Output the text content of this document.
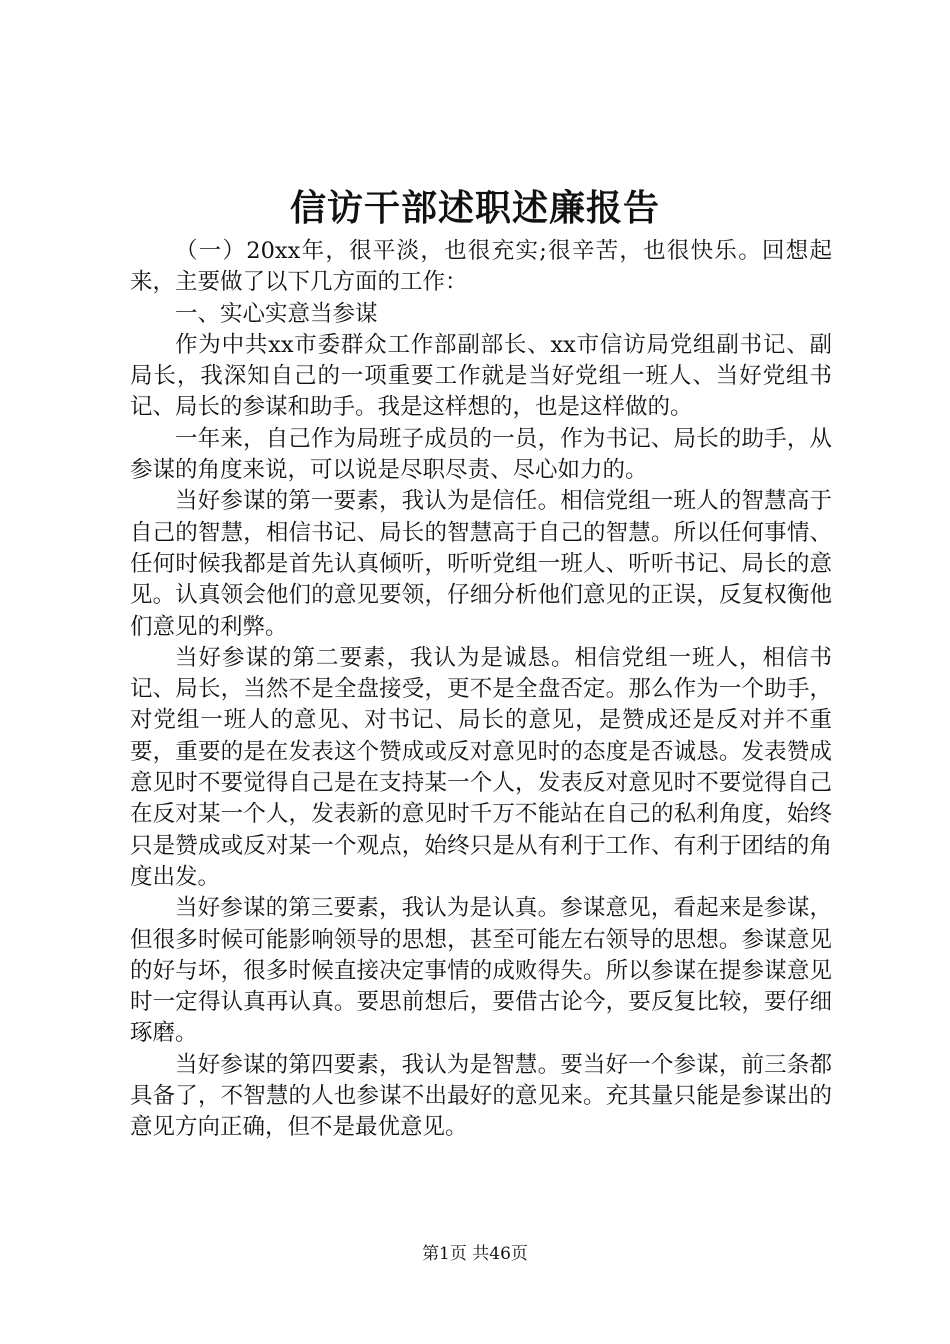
信访干部述职述廉报告

（一）20xx年，很平淡，也很充实;很辛苦，也很快乐。回想起来，主要做了以下几方面的工作：

一、实心实意当参谋

作为中共xx市委群众工作部副部长、xx市信访局党组副书记、副局长，我深知自己的一项重要工作就是当好党组一班人、当好党组书记、局长的参谋和助手。我是这样想的，也是这样做的。

一年来，自己作为局班子成员的一员，作为书记、局长的助手，从参谋的角度来说，可以说是尽职尽责、尽心如力的。

当好参谋的第一要素，我认为是信任。相信党组一班人的智慧高于自己的智慧，相信书记、局长的智慧高于自己的智慧。所以任何事情、任何时候我都是首先认真倾听，听听党组一班人、听听书记、局长的意见。认真领会他们的意见要领，仔细分析他们意见的正误，反复权衡他们意见的利弊。

当好参谋的第二要素，我认为是诚恳。相信党组一班人，相信书记、局长，当然不是全盘接受，更不是全盘否定。那么作为一个助手，对党组一班人的意见、对书记、局长的意见，是赞成还是反对并不重要，重要的是在发表这个赞成或反对意见时的态度是否诚恳。发表赞成意见时不要觉得自己是在支持某一个人，发表反对意见时不要觉得自己在反对某一个人，发表新的意见时千万不能站在自己的私利角度，始终只是赞成或反对某一个观点，始终只是从有利于工作、有利于团结的角度出发。

当好参谋的第三要素，我认为是认真。参谋意见，看起来是参谋，但很多时候可能影响领导的思想，甚至可能左右领导的思想。参谋意见的好与坏，很多时候直接决定事情的成败得失。所以参谋在提参谋意见时一定得认真再认真。要思前想后，要借古论今，要反复比较，要仔细琢磨。

当好参谋的第四要素，我认为是智慧。要当好一个参谋，前三条都具备了，不智慧的人也参谋不出最好的意见来。充其量只能是参谋出的意见方向正确，但不是最优意见。

第1页 共46页
